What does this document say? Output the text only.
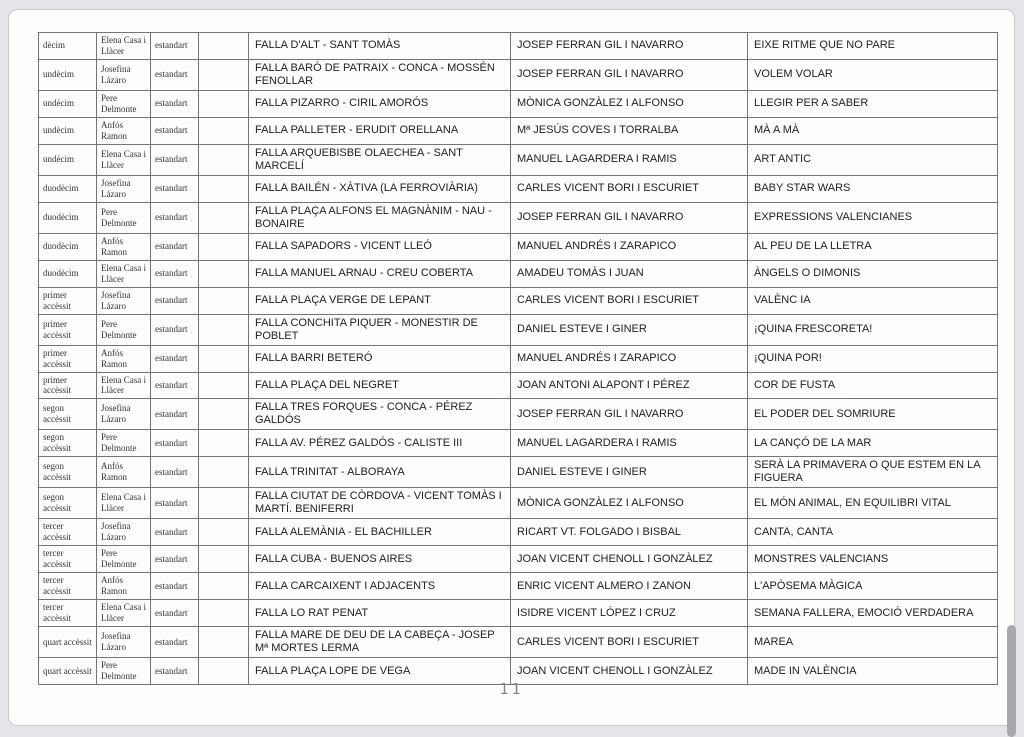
dècim	Elena Casa i Llàcer	estandart		FALLA D'ALT - SANT TOMÀS	JOSEP FERRAN GIL I NAVARRO	EIXE RITME QUE NO PARE
undècim	Josefina Lázaro	estandart		FALLA BARÓ DE PATRAIX - CONCA - MOSSÉN FENOLLAR	JOSEP FERRAN GIL I NAVARRO	VOLEM VOLAR
undècim	Pere Delmonte	estandart		FALLA PIZARRO - CIRIL AMORÓS	MÒNICA GONZÀLEZ I ALFONSO	LLEGIR PER A SABER
undècim	Anfós Ramon	estandart		FALLA PALLETER - ERUDIT ORELLANA	Mª JESÚS COVES I TORRALBA	MÀ A MÀ
undècim	Elena Casa i Llàcer	estandart		FALLA ARQUEBISBE OLAECHEA - SANT MARCELÍ	MANUEL LAGARDERA I RAMIS	ART ANTIC
duodècim	Josefina Lázaro	estandart		FALLA BAILÉN - XÀTIVA (LA FERROVIÀRIA)	CARLES VICENT BORI I ESCURIET	BABY STAR WARS
duodècim	Pere Delmonte	estandart		FALLA PLAÇA ALFONS EL MAGNÀNIM - NAU - BONAIRE	JOSEP FERRAN GIL I NAVARRO	EXPRESSIONS VALENCIANES
duodècim	Anfós Ramon	estandart		FALLA SAPADORS - VICENT LLEÓ	MANUEL ANDRÉS I ZARAPICO	AL PEU DE LA LLETRA
duodècim	Elena Casa i Llàcer	estandart		FALLA MANUEL ARNAU - CREU COBERTA	AMADEU TOMÀS I JUAN	ÀNGELS O DIMONIS
primer accèssit	Josefina Lázaro	estandart		FALLA PLAÇA VERGE DE LEPANT	CARLES VICENT BORI I ESCURIET	VALÈNC IA
primer accèssit	Pere Delmonte	estandart		FALLA CONCHITA PIQUER - MONESTIR DE POBLET	DANIEL ESTEVE I GINER	¡QUINA FRESCORETA!
primer accèssit	Anfós Ramon	estandart		FALLA BARRI BETERÓ	MANUEL ANDRÉS I ZARAPICO	¡QUINA POR!
primer accèssit	Elena Casa i Llàcer	estandart		FALLA PLAÇA DEL NEGRET	JOAN ANTONI ALAPONT I PÉREZ	COR DE FUSTA
segon accèssit	Josefina Lázaro	estandart		FALLA TRES FORQUES - CONCA - PÉREZ GALDÓS	JOSEP FERRAN GIL I NAVARRO	EL PODER DEL SOMRIURE
segon accèssit	Pere Delmonte	estandart		FALLA AV. PÉREZ GALDÓS - CALISTE III	MANUEL LAGARDERA I RAMIS	LA CANÇÓ DE LA MAR
segon accèssit	Anfós Ramon	estandart		FALLA TRINITAT - ALBORAYA	DANIEL ESTEVE I GINER	SERÀ LA PRIMAVERA O QUE ESTEM EN LA FIGUERA
segon accèssit	Elena Casa i Llàcer	estandart		FALLA CIUTAT DE CÒRDOVA - VICENT TOMÀS I MARTÍ. BENIFERRI	MÒNICA GONZÀLEZ I ALFONSO	EL MÓN ANIMAL, EN EQUILIBRI VITAL
tercer accèssit	Josefina Lázaro	estandart		FALLA ALEMÀNIA - EL BACHILLER	RICART VT. FOLGADO I BISBAL	CANTA, CANTA
tercer accèssit	Pere Delmonte	estandart		FALLA CUBA - BUENOS AIRES	JOAN VICENT CHENOLL I GONZÀLEZ	MONSTRES VALENCIANS
tercer accèssit	Anfós Ramon	estandart		FALLA CARCAIXENT I ADJACENTS	ENRIC VICENT ALMERO I ZANON	L'APÒSEMA MÀGICA
tercer accèssit	Elena Casa i Llàcer	estandart		FALLA LO RAT PENAT	ISIDRE VICENT LÓPEZ I CRUZ	SEMANA FALLERA, EMOCIÓ VERDADERA
quart accèssit	Josefina Lázaro	estandart		FALLA MARE DE DEU DE LA CABEÇA - JOSEP Mª MORTES LERMA	CARLES VICENT BORI I ESCURIET	MAREA
quart accèssit	Pere Delmonte	estandart		FALLA PLAÇA LOPE DE VEGA	JOAN VICENT CHENOLL I GONZÀLEZ	MADE IN VALÈNCIA
11
